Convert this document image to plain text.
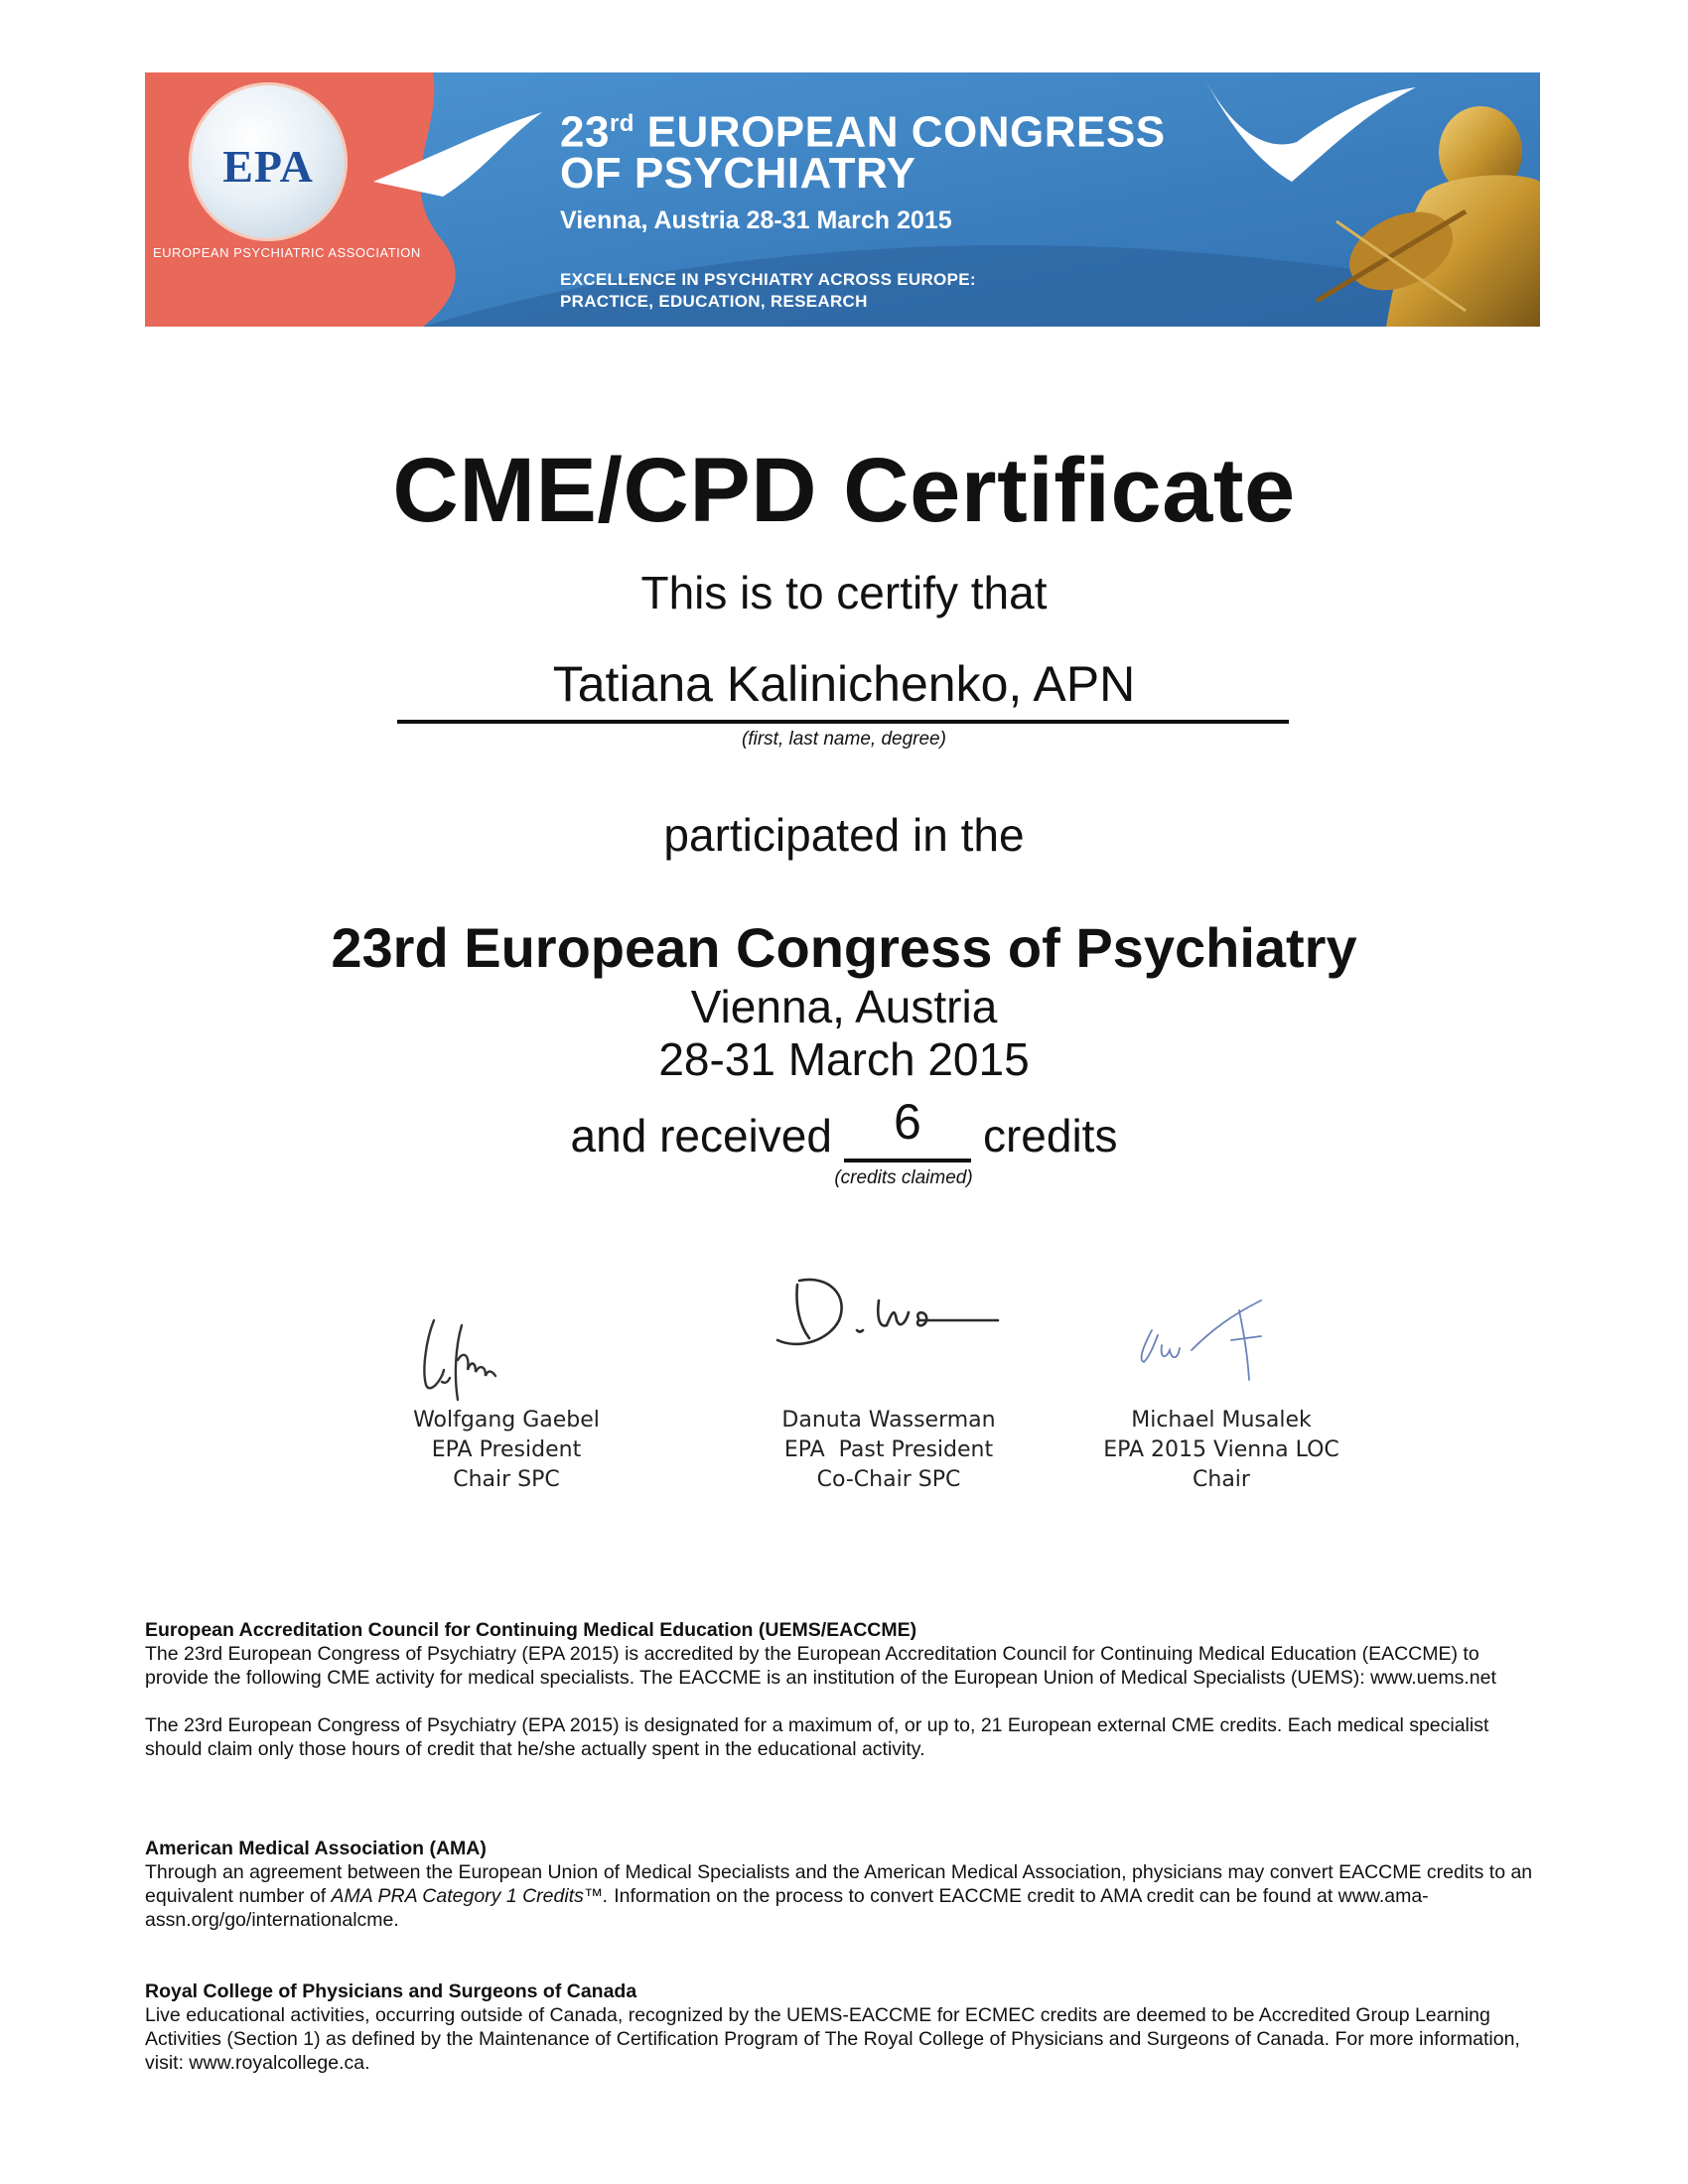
EPA
EUROPEAN PSYCHIATRIC ASSOCIATION
23rd EUROPEAN CONGRESS
OF PSYCHIATRY
Vienna, Austria 28-31 March 2015
EXCELLENCE IN PSYCHIATRY ACROSS EUROPE:
PRACTICE, EDUCATION, RESEARCH
CME/CPD Certificate
This is to certify that
Tatiana Kalinichenko, APN
(first, last name, degree)
participated in the
23rd European Congress of Psychiatry
Vienna, Austria
28-31 March 2015
and received	6	credits
(credits claimed)
Wolfgang Gaebel
EPA President
Chair SPC
Danuta Wasserman
EPA  Past President
Co-Chair SPC
Michael Musalek
EPA 2015 Vienna LOC
Chair

European Accreditation Council for Continuing Medical Education (UEMS/EACCME)

The 23rd European Congress of Psychiatry (EPA 2015) is accredited by the European Accreditation Council for Continuing Medical Education (EACCME) to provide the following CME activity for medical specialists. The EACCME is an institution of the European Union of Medical Specialists (UEMS): www.uems.net

The 23rd European Congress of Psychiatry (EPA 2015) is designated for a maximum of, or up to, 21 European external CME credits. Each medical specialist should claim only those hours of credit that he/she actually spent in the educational activity.

American Medical Association (AMA)

Through an agreement between the European Union of Medical Specialists and the American Medical Association, physicians may convert EACCME credits to an equivalent number of AMA PRA Category 1 Credits™. Information on the process to convert EACCME credit to AMA credit can be found at www.ama-assn.org/go/internationalcme.

Royal College of Physicians and Surgeons of Canada

Live educational activities, occurring outside of Canada, recognized by the UEMS-EACCME for ECMEC credits are deemed to be Accredited Group Learning Activities (Section 1) as defined by the Maintenance of Certification Program of The Royal College of Physicians and Surgeons of Canada. For more information, visit: www.royalcollege.ca.
